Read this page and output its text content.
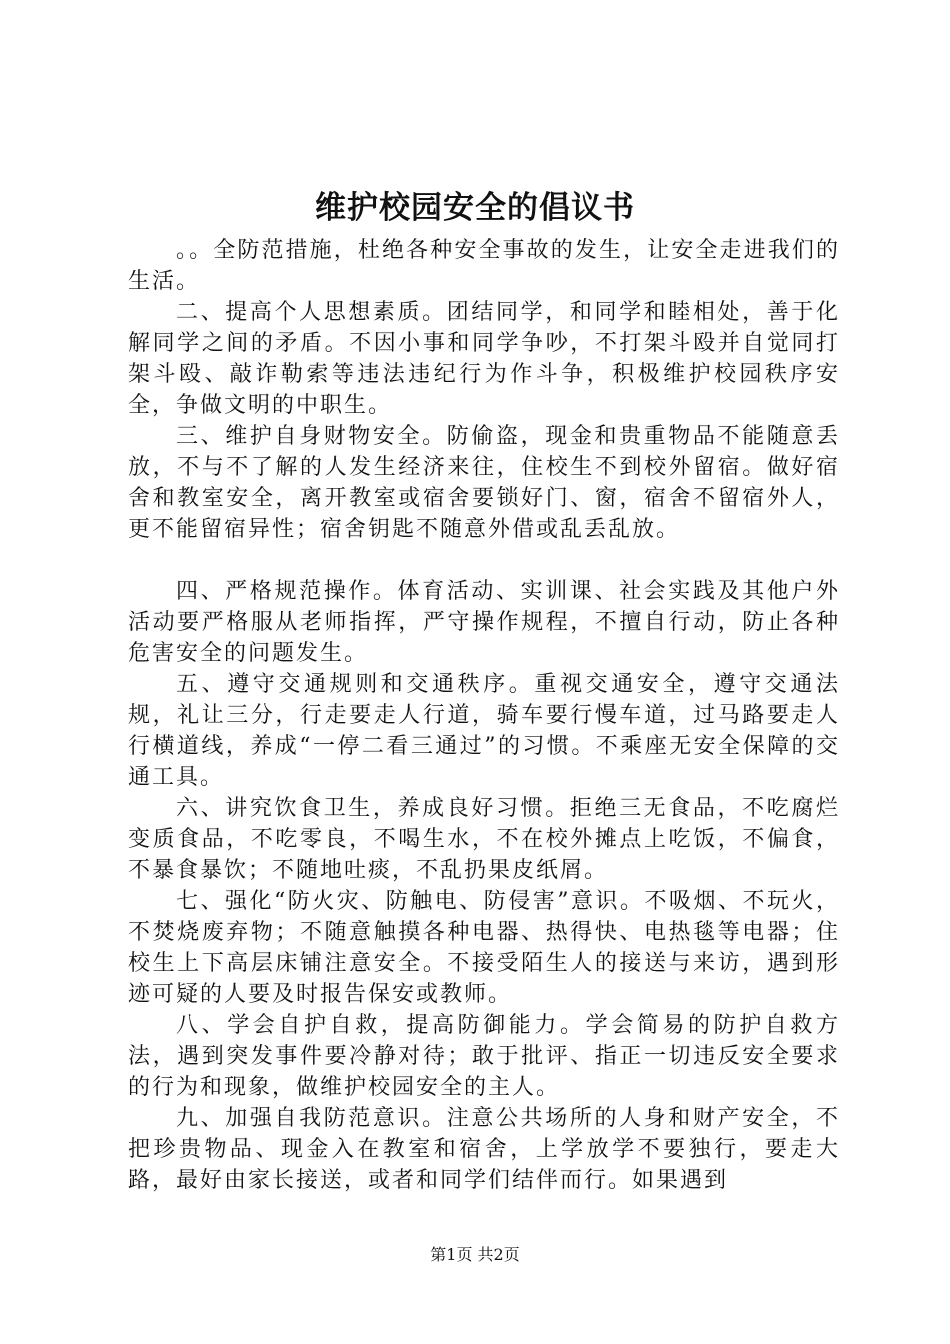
维护校园安全的倡议书

。。全防范措施，杜绝各种安全事故的发生，让安全走进我们的生活。

二、提高个人思想素质。团结同学，和同学和睦相处，善于化解同学之间的矛盾。不因小事和同学争吵，不打架斗殴并自觉同打架斗殴、敲诈勒索等违法违纪行为作斗争，积极维护校园秩序安全，争做文明的中职生。

三、维护自身财物安全。防偷盗，现金和贵重物品不能随意丢放，不与不了解的人发生经济来往，住校生不到校外留宿。做好宿舍和教室安全，离开教室或宿舍要锁好门、窗，宿舍不留宿外人，更不能留宿异性；宿舍钥匙不随意外借或乱丢乱放。

四、严格规范操作。体育活动、实训课、社会实践及其他户外活动要严格服从老师指挥，严守操作规程，不擅自行动，防止各种危害安全的问题发生。

五、遵守交通规则和交通秩序。重视交通安全，遵守交通法规，礼让三分，行走要走人行道，骑车要行慢车道，过马路要走人行横道线，养成“一停二看三通过”的习惯。不乘座无安全保障的交通工具。

六、讲究饮食卫生，养成良好习惯。拒绝三无食品，不吃腐烂变质食品，不吃零良，不喝生水，不在校外摊点上吃饭，不偏食，不暴食暴饮；不随地吐痰，不乱扔果皮纸屑。

七、强化“防火灾、防触电、防侵害”意识。不吸烟、不玩火，不焚烧废弃物；不随意触摸各种电器、热得快、电热毯等电器；住校生上下高层床铺注意安全。不接受陌生人的接送与来访，遇到形迹可疑的人要及时报告保安或教师。

八、学会自护自救，提高防御能力。学会简易的防护自救方法，遇到突发事件要冷静对待；敢于批评、指正一切违反安全要求的行为和现象，做维护校园安全的主人。

九、加强自我防范意识。注意公共场所的人身和财产安全，不把珍贵物品、现金入在教室和宿舍，上学放学不要独行，要走大路，最好由家长接送，或者和同学们结伴而行。如果遇到

第1页 共2页
